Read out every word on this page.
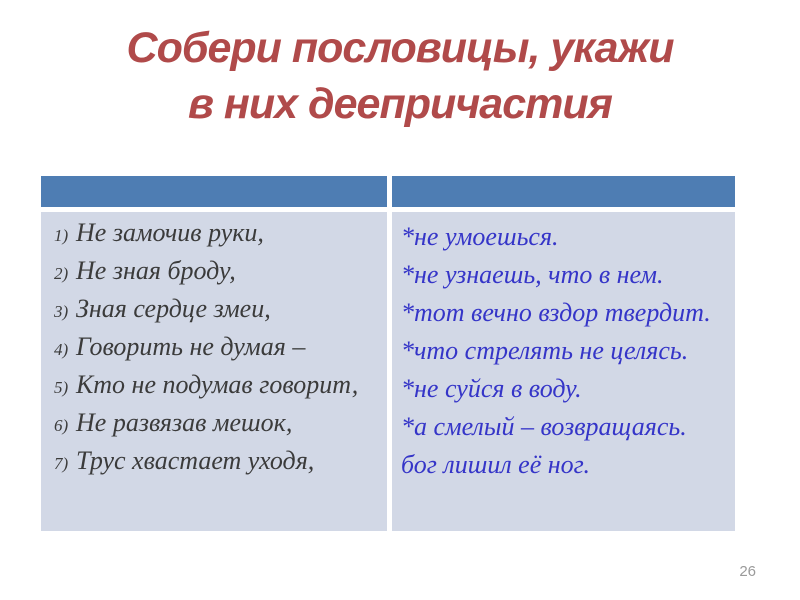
Собери пословицы, укажи
в них деепричастия
1) Не замочив руки,
2) Не зная броду,
3) Зная сердце змеи,
4) Говорить не думая –
5) Кто не подумав говорит,
6) Не развязав мешок,
7) Трус хвастает уходя,
*не умоешься.
*не узнаешь, что в нем.
*тот вечно вздор твердит.
*что стрелять не целясь.
*не суйся в воду.
*а смелый – возвращаясь.
бог лишил её ног.
26
